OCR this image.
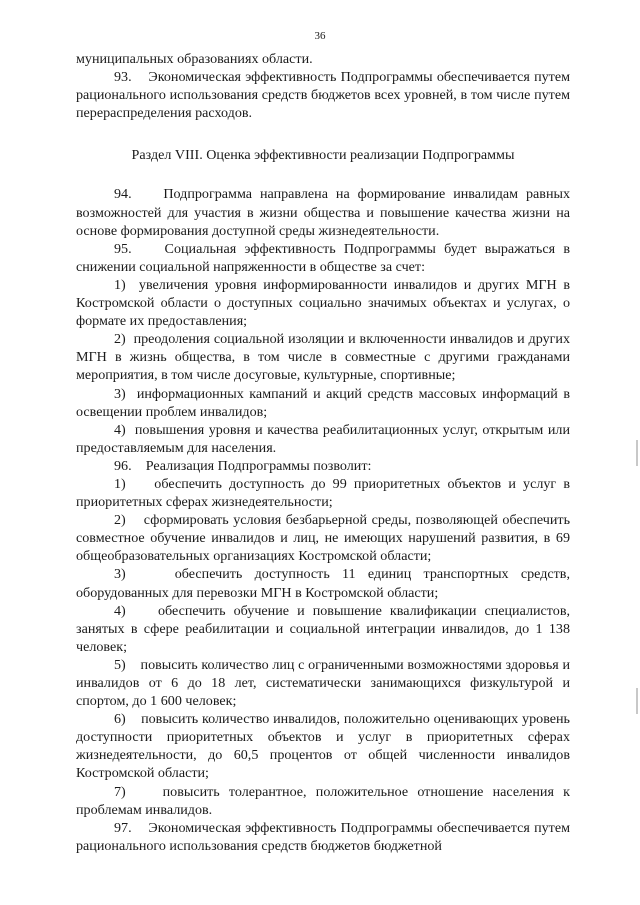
36

муниципальных образованиях области.

93.    Экономическая эффективность Подпрограммы обеспечивается путем рационального использования средств бюджетов всех уровней, в том числе путем перераспределения расходов.

Раздел VIII. Оценка эффективности реализации Подпрограммы

94.    Подпрограмма направлена на формирование инвалидам равных возможностей для участия в жизни общества и повышение качества жизни на основе формирования доступной среды жизнедеятельности.

95.    Социальная эффективность Подпрограммы будет выражаться в снижении социальной напряженности в обществе за счет:

1)  увеличения уровня информированности инвалидов и других МГН в Костромской области о доступных социально значимых объектах и услугах, о формате их предоставления;

2)  преодоления социальной изоляции и включенности инвалидов и других МГН в жизнь общества, в том числе в совместные с другими гражданами мероприятия, в том числе досуговые, культурные, спортивные;

3)  информационных кампаний и акций средств массовых информаций в освещении проблем инвалидов;

4)  повышения уровня и качества реабилитационных услуг, открытым или предоставляемым для населения.

96.    Реализация Подпрограммы позволит:

1)    обеспечить доступность до 99 приоритетных объектов и услуг в приоритетных сферах жизнедеятельности;

2)    сформировать условия безбарьерной среды, позволяющей обеспечить совместное обучение инвалидов и лиц, не имеющих нарушений развития, в 69 общеобразовательных организациях Костромской области;

3)    обеспечить доступность 11 единиц транспортных средств, оборудованных для перевозки МГН в Костромской области;

4)    обеспечить обучение и повышение квалификации специалистов, занятых в сфере реабилитации и социальной интеграции инвалидов, до 1 138 человек;

5)    повысить количество лиц с ограниченными возможностями здоровья и инвалидов от 6 до 18 лет, систематически занимающихся физкультурой и спортом, до 1 600 человек;

6)    повысить количество инвалидов, положительно оценивающих уровень доступности приоритетных объектов и услуг в приоритетных сферах жизнедеятельности, до 60,5 процентов от общей численности инвалидов Костромской области;

7)    повысить толерантное, положительное отношение населения к проблемам инвалидов.

97.    Экономическая эффективность Подпрограммы обеспечивается путем рационального использования средств бюджетов бюджетной
